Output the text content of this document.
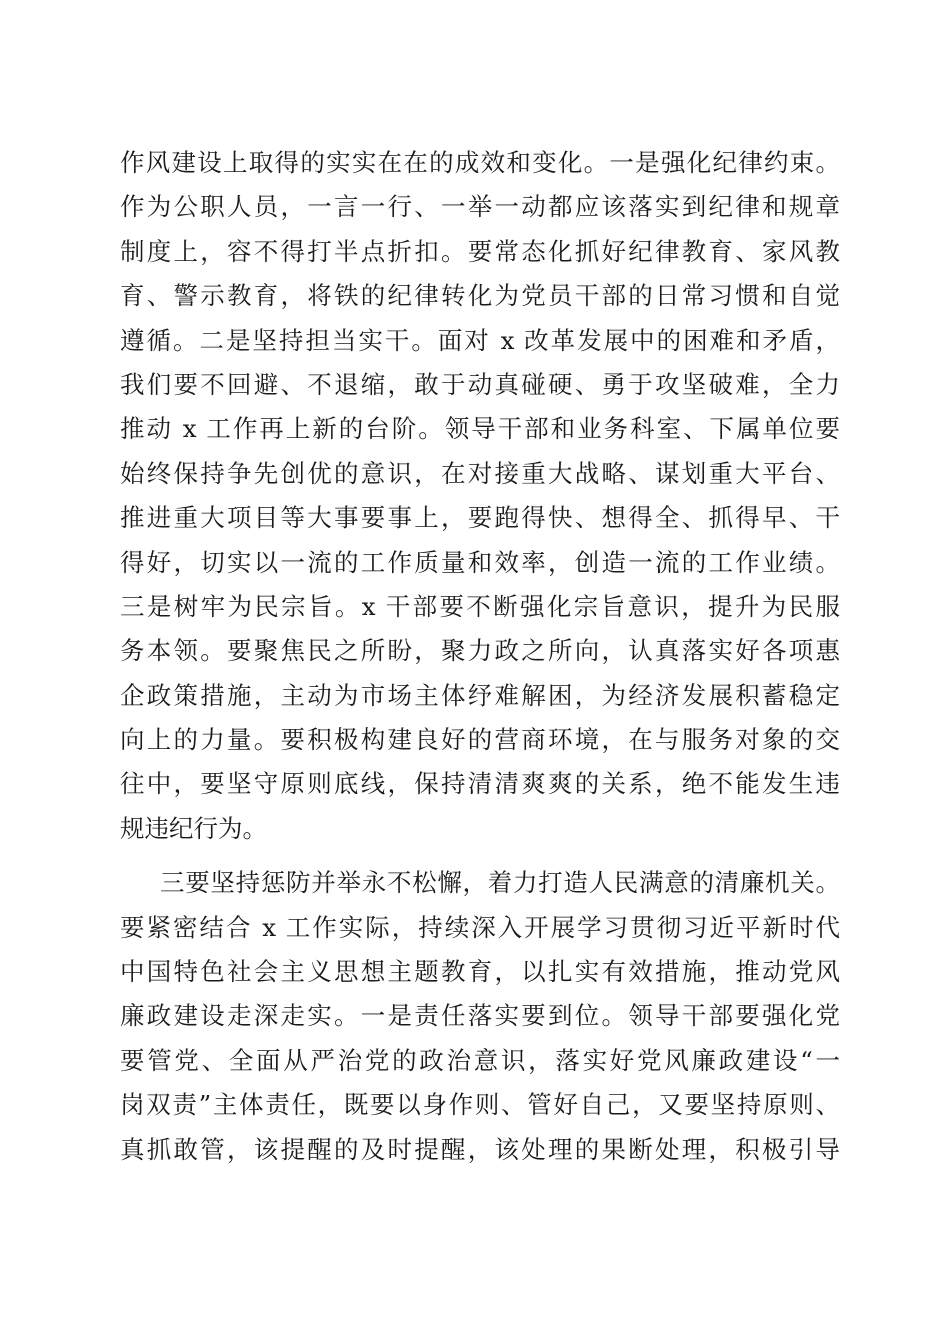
作风建设上取得的实实在在的成效和变化。一是强化纪律约束。
作为公职人员，一言一行、一举一动都应该落实到纪律和规章
制度上，容不得打半点折扣。要常态化抓好纪律教育、家风教
育、警示教育，将铁的纪律转化为党员干部的日常习惯和自觉
遵循。二是坚持担当实干。面对 x 改革发展中的困难和矛盾，
我们要不回避、不退缩，敢于动真碰硬、勇于攻坚破难，全力
推动 x 工作再上新的台阶。领导干部和业务科室、下属单位要
始终保持争先创优的意识，在对接重大战略、谋划重大平台、
推进重大项目等大事要事上，要跑得快、想得全、抓得早、干
得好，切实以一流的工作质量和效率，创造一流的工作业绩。
三是树牢为民宗旨。x 干部要不断强化宗旨意识，提升为民服
务本领。要聚焦民之所盼，聚力政之所向，认真落实好各项惠
企政策措施，主动为市场主体纾难解困，为经济发展积蓄稳定
向上的力量。要积极构建良好的营商环境，在与服务对象的交
往中，要坚守原则底线，保持清清爽爽的关系，绝不能发生违
规违纪行为。
三要坚持惩防并举永不松懈，着力打造人民满意的清廉机关。
要紧密结合 x 工作实际，持续深入开展学习贯彻习近平新时代
中国特色社会主义思想主题教育，以扎实有效措施，推动党风
廉政建设走深走实。一是责任落实要到位。领导干部要强化党
要管党、全面从严治党的政治意识，落实好党风廉政建设“一
岗双责”主体责任，既要以身作则、管好自己，又要坚持原则、
真抓敢管，该提醒的及时提醒，该处理的果断处理，积极引导
